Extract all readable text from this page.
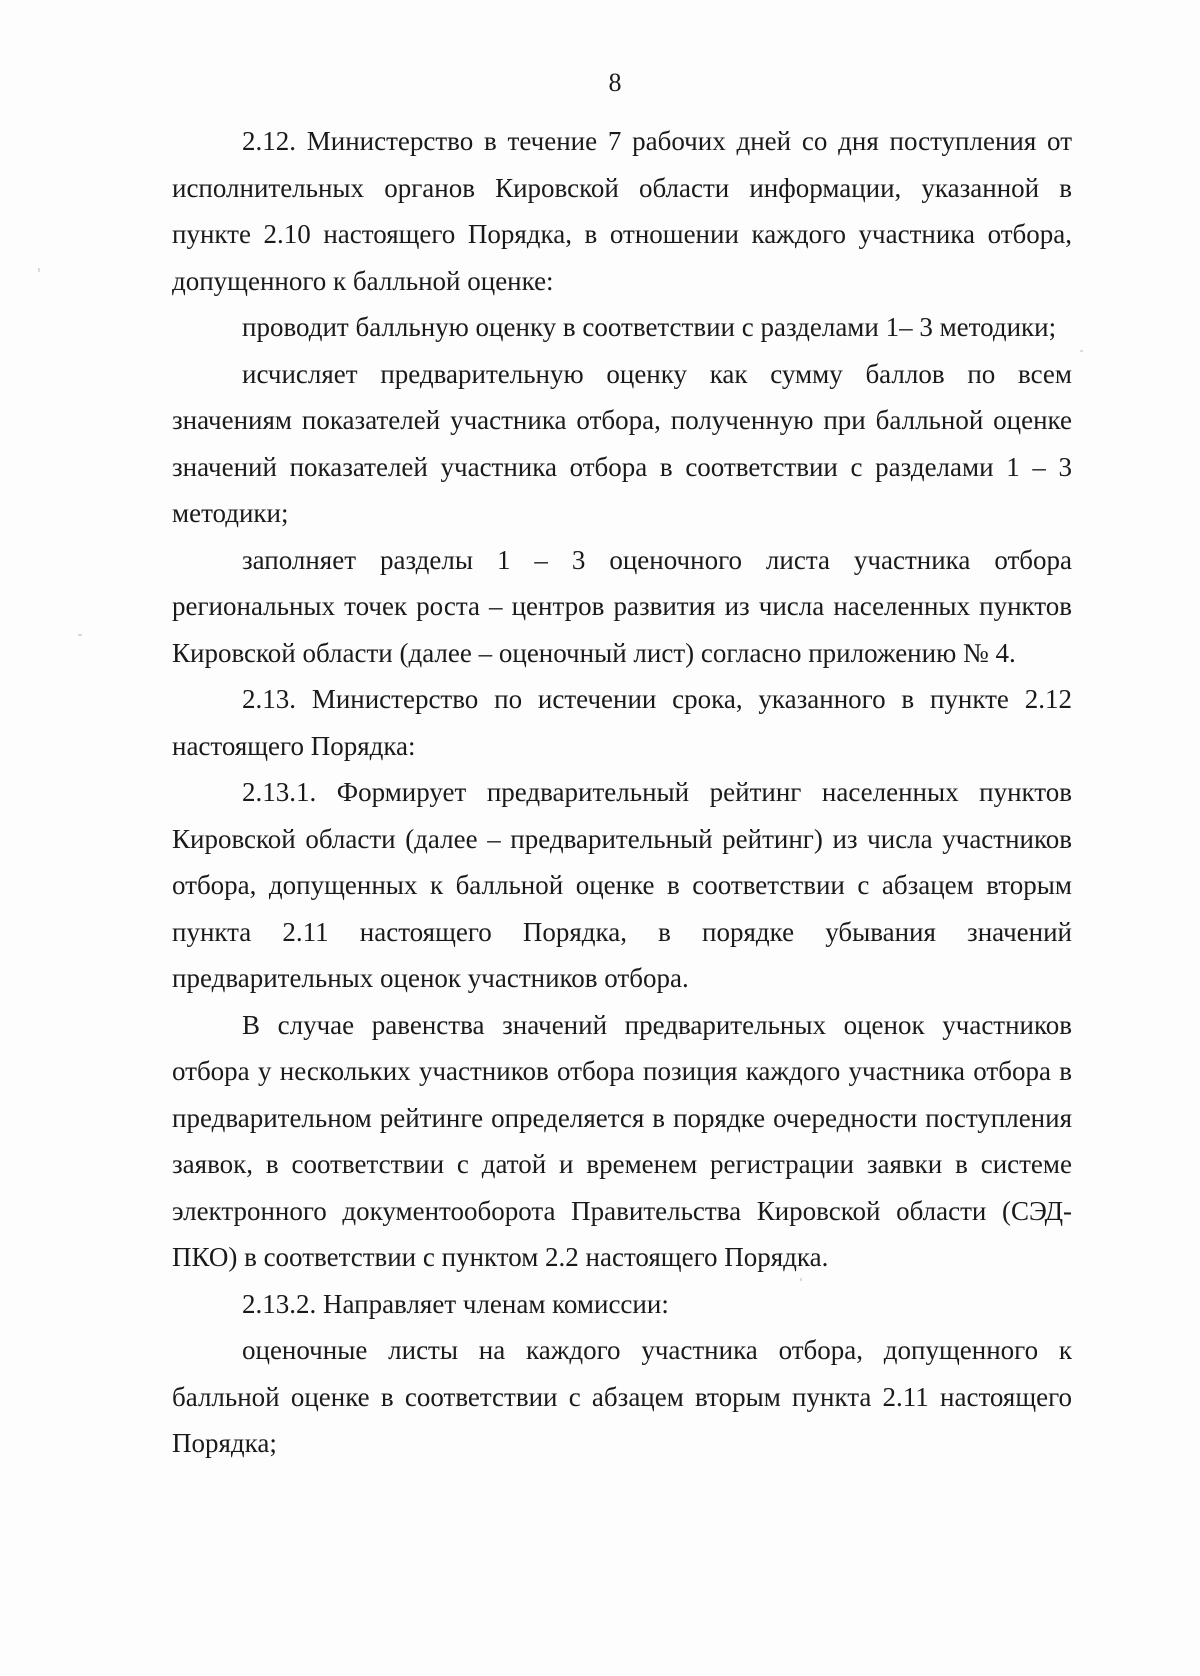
8

2.12. Министерство в течение 7 рабочих дней со дня поступления от исполнительных органов Кировской области информации, указанной в пункте 2.10 настоящего Порядка, в отношении каждого участника отбора, допущенного к балльной оценке:

проводит балльную оценку в соответствии с разделами 1– 3 методики;

исчисляет предварительную оценку как сумму баллов по всем значениям показателей участника отбора, полученную при балльной оценке значений показателей участника отбора в соответствии с разделами 1 – 3 методики;

заполняет разделы 1 – 3 оценочного листа участника отбора региональных точек роста – центров развития из числа населенных пунктов Кировской области (далее – оценочный лист) согласно приложению № 4.

2.13. Министерство по истечении срока, указанного в пункте 2.12 настоящего Порядка:

2.13.1. Формирует предварительный рейтинг населенных пунктов Кировской области (далее – предварительный рейтинг) из числа участников отбора, допущенных к балльной оценке в соответствии с абзацем вторым пункта 2.11 настоящего Порядка, в порядке убывания значений предварительных оценок участников отбора.

В случае равенства значений предварительных оценок участников отбора у нескольких участников отбора позиция каждого участника отбора в предварительном рейтинге определяется в порядке очередности поступления заявок, в соответствии с датой и временем регистрации заявки в системе электронного документооборота Правительства Кировской области (СЭД-ПКО) в соответствии с пунктом 2.2 настоящего Порядка.

2.13.2. Направляет членам комиссии:

оценочные листы на каждого участника отбора, допущенного к балльной оценке в соответствии с абзацем вторым пункта 2.11 настоящего Порядка;
